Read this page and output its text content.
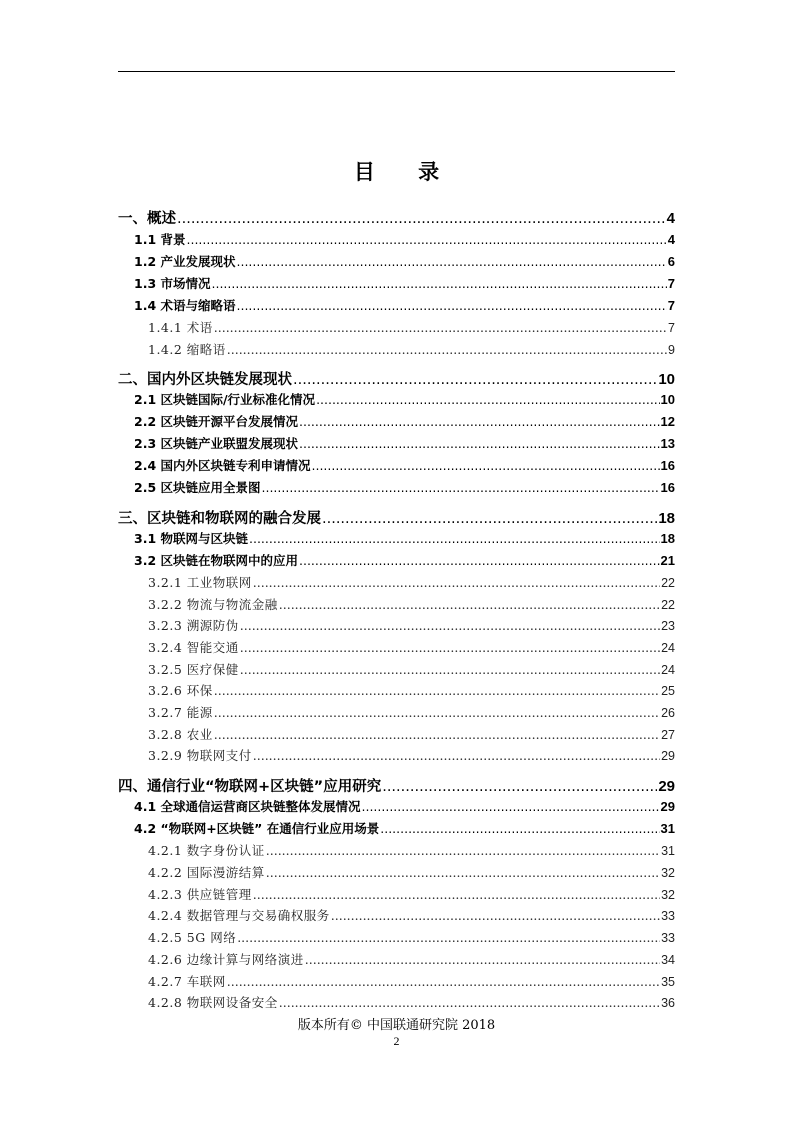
目 录
一、概述 .....	4
1.1 背景 .....	4
1.2 产业发展现状 .....	6
1.3 市场情况 .....	7
1.4 术语与缩略语 .....	7
1.4.1 术语 .....	7
1.4.2 缩略语 .....	9
二、国内外区块链发展现状 .....	10
2.1 区块链国际/行业标准化情况 .....	10
2.2 区块链开源平台发展情况 .....	12
2.3 区块链产业联盟发展现状 .....	13
2.4 国内外区块链专利申请情况 .....	16
2.5 区块链应用全景图 .....	16
三、区块链和物联网的融合发展 .....	18
3.1 物联网与区块链 .....	18
3.2 区块链在物联网中的应用 .....	21
3.2.1 工业物联网 .....	22
3.2.2 物流与物流金融 .....	22
3.2.3 溯源防伪 .....	23
3.2.4 智能交通 .....	24
3.2.5 医疗保健 .....	24
3.2.6 环保 .....	25
3.2.7 能源 .....	26
3.2.8 农业 .....	27
3.2.9 物联网支付 .....	29
四、通信行业“物联网+区块链”应用研究 .....	29
4.1 全球通信运营商区块链整体发展情况 .....	29
4.2 “物联网+区块链” 在通信行业应用场景 .....	31
4.2.1 数字身份认证 .....	31
4.2.2 国际漫游结算 .....	32
4.2.3 供应链管理 .....	32
4.2.4 数据管理与交易确权服务 .....	33
4.2.5 5G 网络 .....	33
4.2.6 边缘计算与网络演进 .....	34
4.2.7 车联网 .....	35
4.2.8 物联网设备安全 .....	36
版本所有© 中国联通研究院 2018
2
